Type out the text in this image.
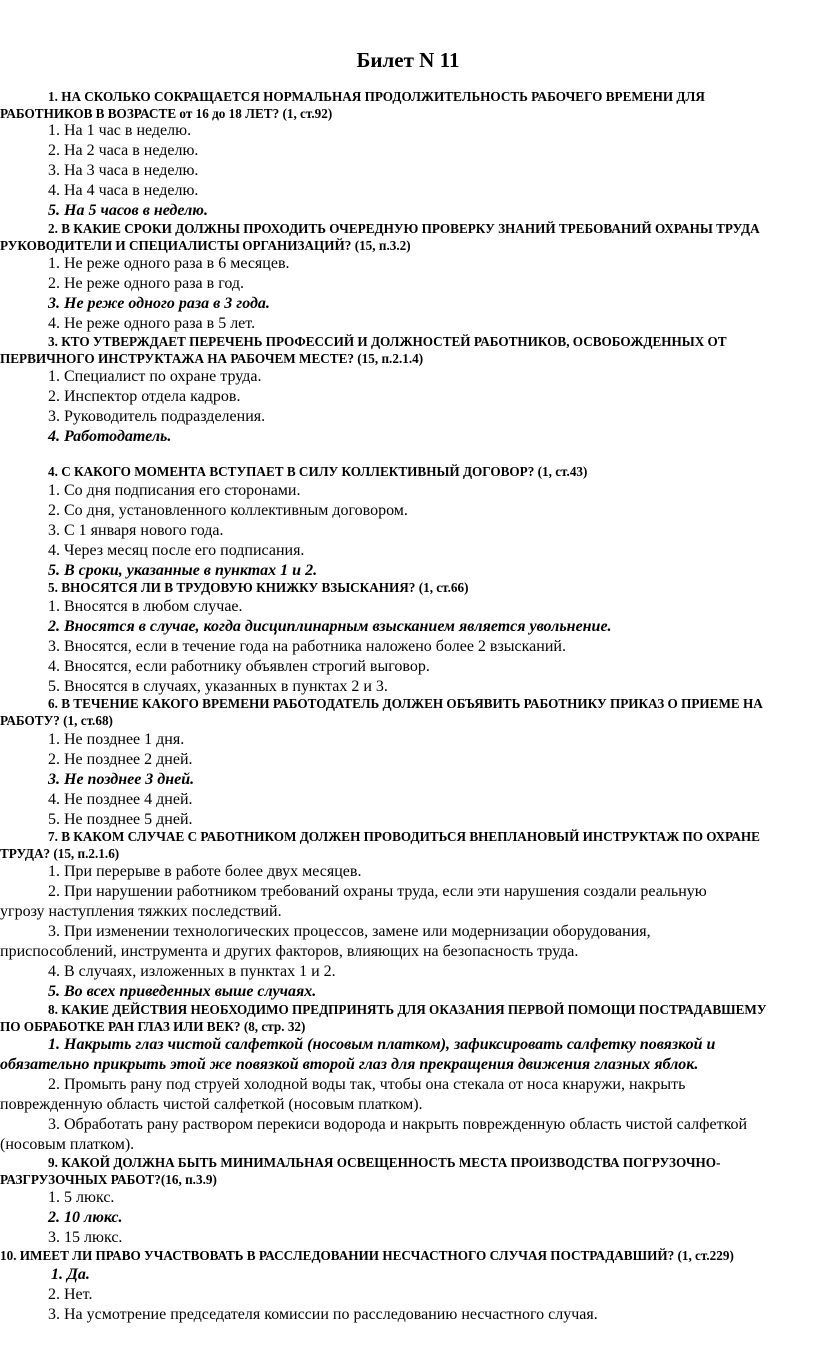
Билет N 11
1. НА СКОЛЬКО СОКРАЩАЕТСЯ НОРМАЛЬНАЯ ПРОДОЛЖИТЕЛЬНОСТЬ РАБОЧЕГО ВРЕМЕНИ ДЛЯ
РАБОТНИКОВ В ВОЗРАСТЕ от 16 до 18 ЛЕТ? (1, ст.92)
1. На 1 час в неделю.
2. На 2 часа в неделю.
3. На 3 часа в неделю.
4. На 4 часа в неделю.
5. На 5 часов в неделю.
2. В КАКИЕ СРОКИ ДОЛЖНЫ ПРОХОДИТЬ ОЧЕРЕДНУЮ ПРОВЕРКУ ЗНАНИЙ ТРЕБОВАНИЙ ОХРАНЫ ТРУДА
РУКОВОДИТЕЛИ И СПЕЦИАЛИСТЫ ОРГАНИЗАЦИЙ? (15, п.3.2)
1. Не реже одного раза в 6 месяцев.
2. Не реже одного раза в год.
3. Не реже одного раза в 3 года.
4. Не реже одного раза в 5 лет.
3. КТО УТВЕРЖДАЕТ ПЕРЕЧЕНЬ ПРОФЕССИЙ И ДОЛЖНОСТЕЙ РАБОТНИКОВ, ОСВОБОЖДЕННЫХ ОТ
ПЕРВИЧНОГО ИНСТРУКТАЖА НА РАБОЧЕМ МЕСТЕ? (15, п.2.1.4)
1. Специалист по охране труда.
2. Инспектор отдела кадров.
3. Руководитель подразделения.
4. Работодатель.
4. С КАКОГО МОМЕНТА ВСТУПАЕТ В СИЛУ КОЛЛЕКТИВНЫЙ ДОГОВОР? (1, ст.43)
1. Со дня подписания его сторонами.
2. Со дня, установленного коллективным договором.
3. С 1 января нового года.
4. Через месяц после его подписания.
5. В сроки, указанные в пунктах 1 и 2.
5. ВНОСЯТСЯ ЛИ В ТРУДОВУЮ КНИЖКУ ВЗЫСКАНИЯ? (1, ст.66)
1. Вносятся в любом случае.
2. Вносятся в случае, когда дисциплинарным взысканием является увольнение.
3. Вносятся, если в течение года на работника наложено более 2 взысканий.
4. Вносятся, если работнику объявлен строгий выговор.
5. Вносятся в случаях, указанных в пунктах 2 и 3.
6. В ТЕЧЕНИЕ КАКОГО ВРЕМЕНИ РАБОТОДАТЕЛЬ ДОЛЖЕН ОБЪЯВИТЬ РАБОТНИКУ ПРИКАЗ О ПРИЕМЕ НА
РАБОТУ? (1, ст.68)
1. Не позднее 1 дня.
2. Не позднее 2 дней.
3. Не позднее 3 дней.
4. Не позднее 4 дней.
5. Не позднее 5 дней.
7. В КАКОМ СЛУЧАЕ С РАБОТНИКОМ ДОЛЖЕН ПРОВОДИТЬСЯ ВНЕПЛАНОВЫЙ ИНСТРУКТАЖ ПО ОХРАНЕ
ТРУДА? (15, п.2.1.6)
1. При перерыве в работе более двух месяцев.
2. При нарушении работником требований охраны труда, если эти нарушения создали реальную
угрозу наступления тяжких последствий.
3. При изменении технологических процессов, замене или модернизации оборудования,
приспособлений, инструмента и других факторов, влияющих на безопасность труда.
4. В случаях, изложенных в пунктах 1 и 2.
5. Во всех приведенных выше случаях.
8. КАКИЕ ДЕЙСТВИЯ НЕОБХОДИМО ПРЕДПРИНЯТЬ ДЛЯ ОКАЗАНИЯ ПЕРВОЙ ПОМОЩИ ПОСТРАДАВШЕМУ
ПО ОБРАБОТКЕ РАН ГЛАЗ ИЛИ ВЕК? (8, стр. 32)
1. Накрыть глаз чистой салфеткой (носовым платком), зафиксировать салфетку повязкой и
обязательно прикрыть этой же повязкой второй глаз для прекращения движения глазных яблок.
2. Промыть рану под струей холодной воды так, чтобы она стекала от носа кнаружи, накрыть
поврежденную область чистой салфеткой (носовым платком).
3. Обработать рану раствором перекиси водорода и накрыть поврежденную область чистой салфеткой
(носовым платком).
9. КАКОЙ ДОЛЖНА БЫТЬ МИНИМАЛЬНАЯ ОСВЕЩЕННОСТЬ МЕСТА ПРОИЗВОДСТВА ПОГРУЗОЧНО-
РАЗГРУЗОЧНЫХ РАБОТ?(16, п.3.9)
1. 5 люкс.
2. 10 люкс.
3. 15 люкс.
10. ИМЕЕТ ЛИ ПРАВО УЧАСТВОВАТЬ В РАССЛЕДОВАНИИ НЕСЧАСТНОГО СЛУЧАЯ ПОСТРАДАВШИЙ? (1, ст.229)
1. Да.
2. Нет.
3. На усмотрение председателя комиссии по расследованию несчастного случая.
